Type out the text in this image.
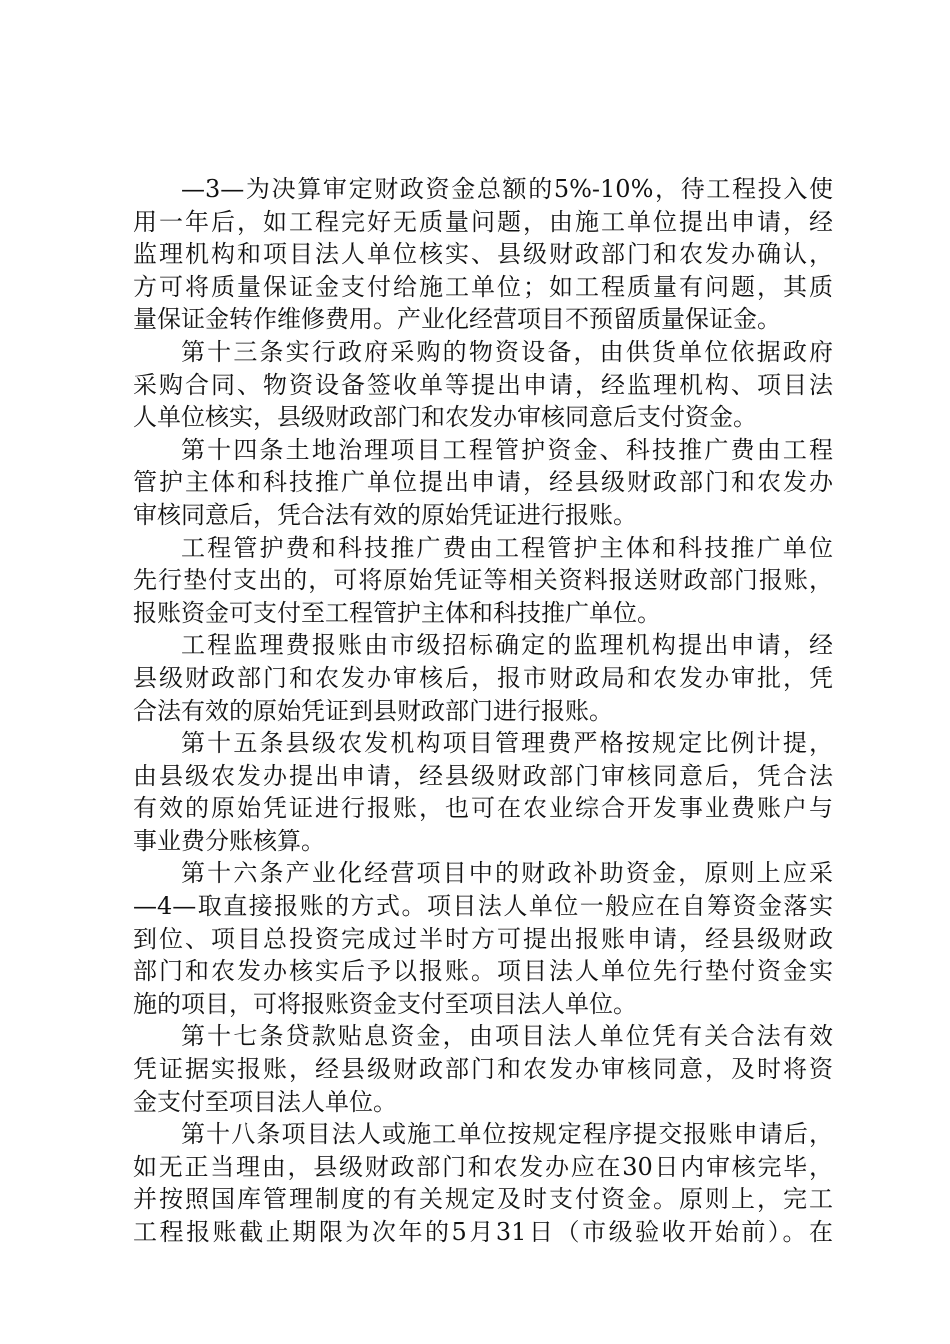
—3—为决算审定财政资金总额的5%-10%，待工程投入使
用一年后，如工程完好无质量问题，由施工单位提出申请，经
监理机构和项目法人单位核实、县级财政部门和农发办确认，
方可将质量保证金支付给施工单位；如工程质量有问题，其质
量保证金转作维修费用。产业化经营项目不预留质量保证金。
第十三条实行政府采购的物资设备，由供货单位依据政府
采购合同、物资设备签收单等提出申请，经监理机构、项目法
人单位核实，县级财政部门和农发办审核同意后支付资金。
第十四条土地治理项目工程管护资金、科技推广费由工程
管护主体和科技推广单位提出申请，经县级财政部门和农发办
审核同意后，凭合法有效的原始凭证进行报账。
工程管护费和科技推广费由工程管护主体和科技推广单位
先行垫付支出的，可将原始凭证等相关资料报送财政部门报账，
报账资金可支付至工程管护主体和科技推广单位。
工程监理费报账由市级招标确定的监理机构提出申请，经
县级财政部门和农发办审核后，报市财政局和农发办审批，凭
合法有效的原始凭证到县财政部门进行报账。
第十五条县级农发机构项目管理费严格按规定比例计提，
由县级农发办提出申请，经县级财政部门审核同意后，凭合法
有效的原始凭证进行报账，也可在农业综合开发事业费账户与
事业费分账核算。
第十六条产业化经营项目中的财政补助资金，原则上应采
—4—取直接报账的方式。项目法人单位一般应在自筹资金落实
到位、项目总投资完成过半时方可提出报账申请，经县级财政
部门和农发办核实后予以报账。项目法人单位先行垫付资金实
施的项目，可将报账资金支付至项目法人单位。
第十七条贷款贴息资金，由项目法人单位凭有关合法有效
凭证据实报账，经县级财政部门和农发办审核同意，及时将资
金支付至项目法人单位。
第十八条项目法人或施工单位按规定程序提交报账申请后，
如无正当理由，县级财政部门和农发办应在30日内审核完毕，
并按照国库管理制度的有关规定及时支付资金。原则上，完工
工程报账截止期限为次年的5月31日（市级验收开始前）。在
